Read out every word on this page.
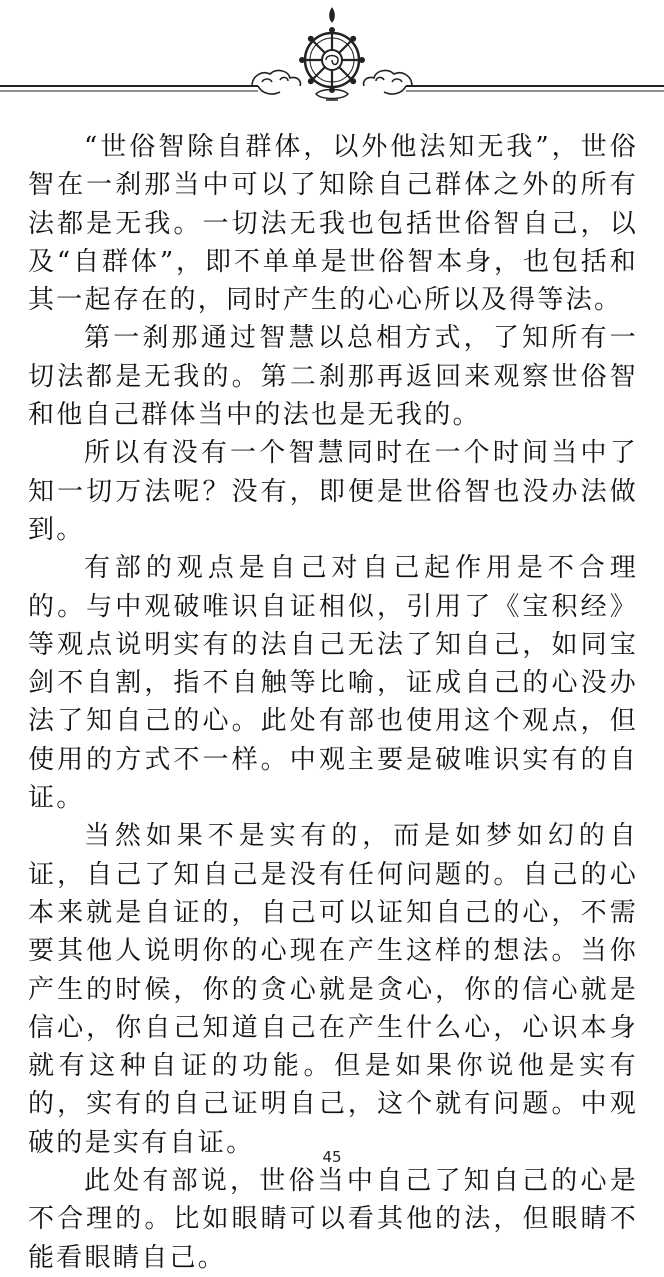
“世俗智除自群体，以外他法知无我”，世俗智在一刹那当中可以了知除自己群体之外的所有法都是无我。一切法无我也包括世俗智自己，以及“自群体”，即不单单是世俗智本身，也包括和其一起存在的，同时产生的心心所以及得等法。

第一刹那通过智慧以总相方式，了知所有一切法都是无我的。第二刹那再返回来观察世俗智和他自己群体当中的法也是无我的。

所以有没有一个智慧同时在一个时间当中了知一切万法呢？没有，即便是世俗智也没办法做到。

有部的观点是自己对自己起作用是不合理的。与中观破唯识自证相似，引用了《宝积经》等观点说明实有的法自己无法了知自己，如同宝剑不自割，指不自触等比喻，证成自己的心没办法了知自己的心。此处有部也使用这个观点，但使用的方式不一样。中观主要是破唯识实有的自证。

当然如果不是实有的，而是如梦如幻的自证，自己了知自己是没有任何问题的。自己的心本来就是自证的，自己可以证知自己的心，不需要其他人说明你的心现在产生这样的想法。当你产生的时候，你的贪心就是贪心，你的信心就是信心，你自己知道自己在产生什么心，心识本身就有这种自证的功能。但是如果你说他是实有的，实有的自己证明自己，这个就有问题。中观破的是实有自证。

此处有部说，世俗当中自己了知自己的心是不合理的。比如眼睛可以看其他的法，但眼睛不能看眼睛自己。

45
